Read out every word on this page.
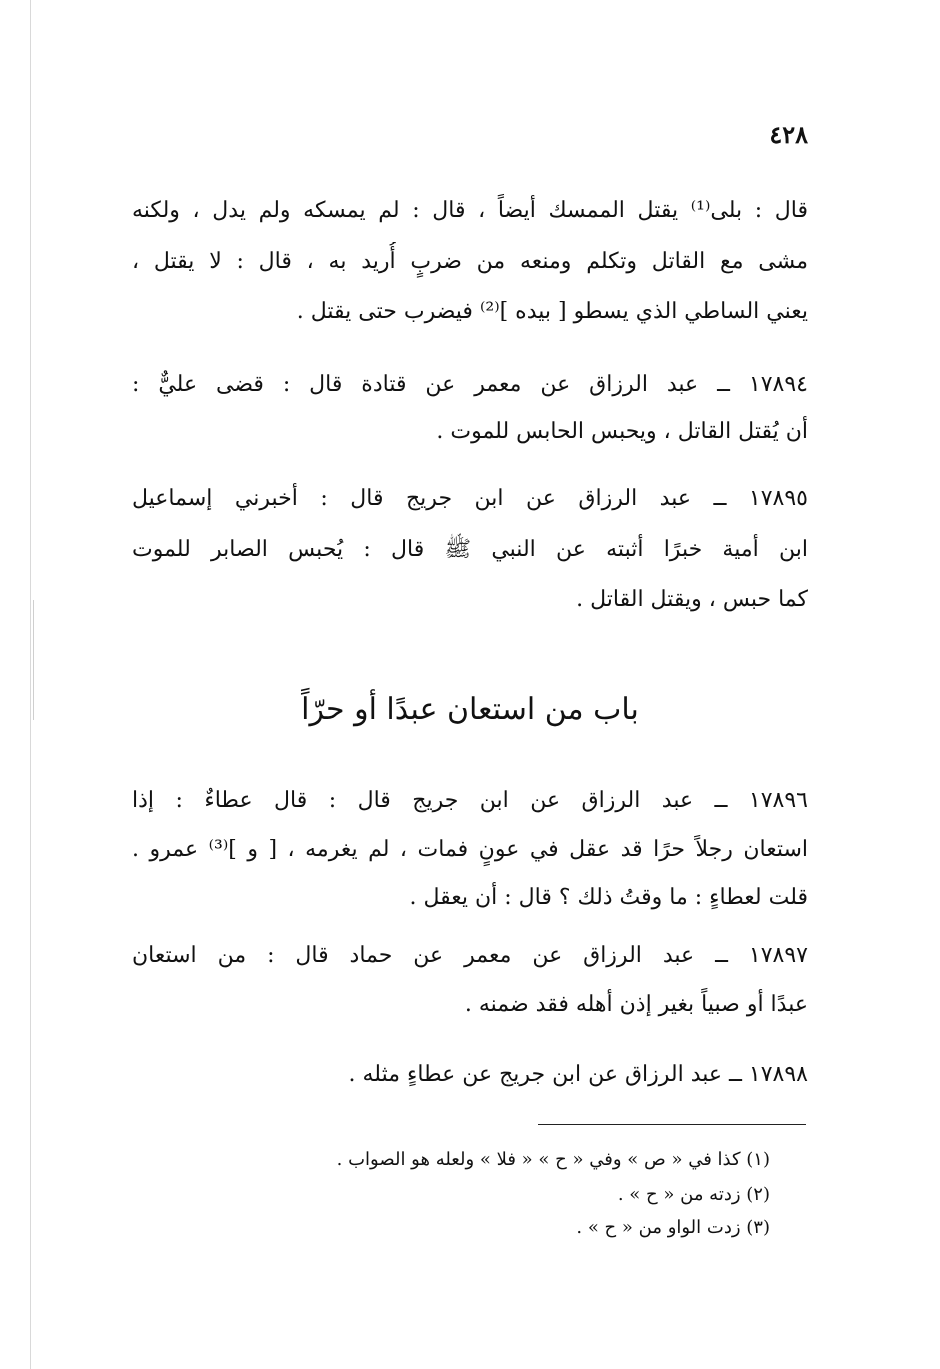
٤٢٨
قال : بلى⁽¹⁾ يقتل الممسك أيضاً ، قال : لم يمسكه ولم يدل ، ولكنه
مشى مع القاتل وتكلم ومنعه من ضربٍ أُريد به ، قال : لا يقتل ،
يعني الساطي الذي يسطو [ بيده ]⁽²⁾ فيضرب حتى يقتل .
١٧٨٩٤ ــ عبد الرزاق عن معمر عن قتادة قال : قضى عليٌّ :
أن يُقتل القاتل ، ويحبس الحابس للموت .
١٧٨٩٥ ــ عبد الرزاق عن ابن جريج قال : أخبرني إسماعيل
ابن أمية خبرًا أثبته عن النبي ﷺ قال : يُحبس الصابر للموت
كما حبس ، ويقتل القاتل .
باب من استعان عبدًا أو حرّاً
١٧٨٩٦ ــ عبد الرزاق عن ابن جريج قال : قال عطاءٌ : إذا
استعان رجلاً حرًا قد عقل في عونٍ فمات ، لم يغرمه ، [ و ]⁽³⁾ عمرو .
قلت لعطاءٍ : ما وقتُ ذلك ؟ قال : أن يعقل .
١٧٨٩٧ ــ عبد الرزاق عن معمر عن حماد قال : من استعان
عبدًا أو صبياً بغير إذن أهله فقد ضمنه .
١٧٨٩٨ ــ عبد الرزاق عن ابن جريج عن عطاءٍ مثله .
(١) كذا في « ص » وفي « ح » « فلا » ولعله هو الصواب .
(٢) زدته من « ح » .
(٣) زدت الواو من « ح » .
